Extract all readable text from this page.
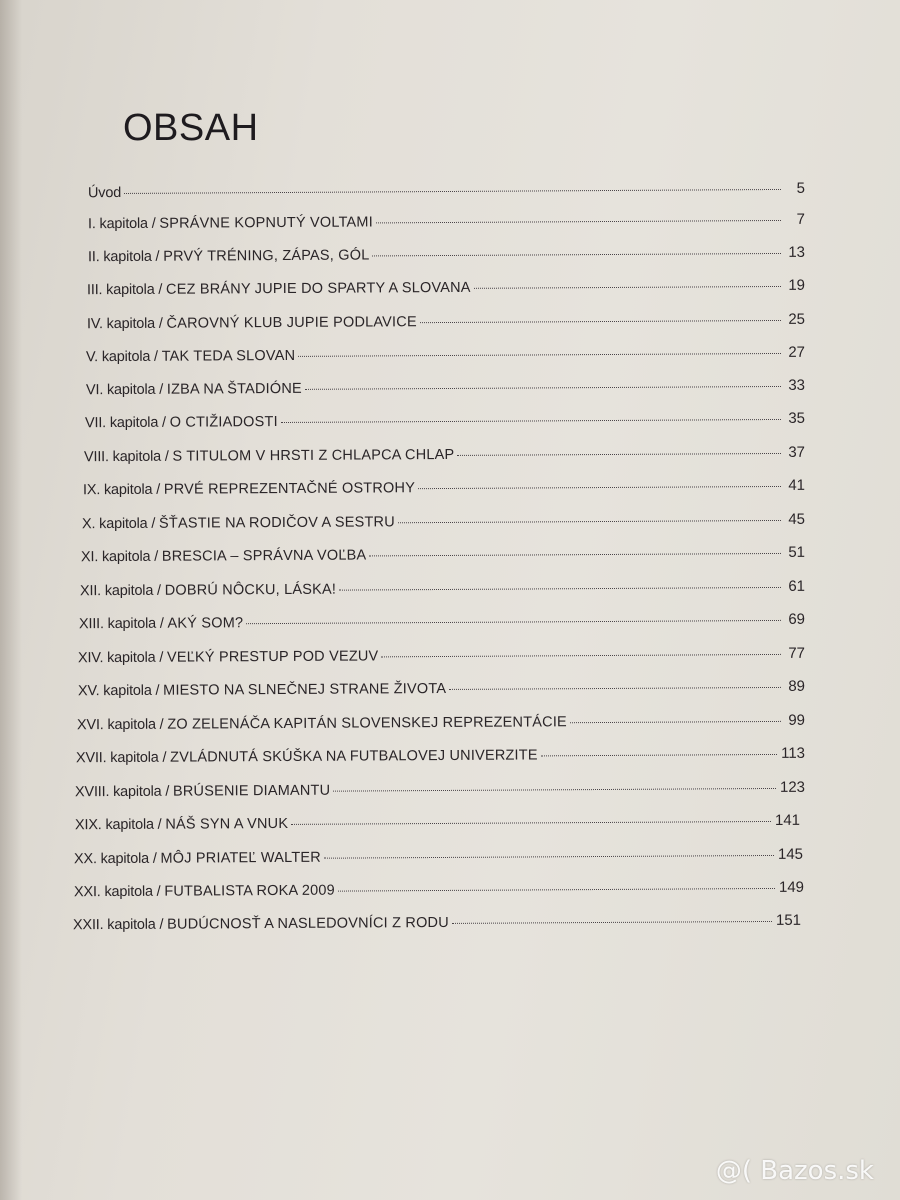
OBSAH
Úvod	5
I. kapitola / SPRÁVNE KOPNUTÝ VOLTAMI	7
II. kapitola / PRVÝ TRÉNING, ZÁPAS, GÓL	13
III. kapitola / CEZ BRÁNY JUPIE DO SPARTY A SLOVANA	19
IV. kapitola / ČAROVNÝ KLUB JUPIE PODLAVICE	25
V. kapitola / TAK TEDA SLOVAN	27
VI. kapitola / IZBA NA ŠTADIÓNE	33
VII. kapitola / O CTIŽIADOSTI	35
VIII. kapitola / S TITULOM V HRSTI Z CHLAPCA CHLAP	37
IX. kapitola / PRVÉ REPREZENTAČNÉ OSTROHY	41
X. kapitola / ŠŤASTIE NA RODIČOV A SESTRU	45
XI. kapitola / BRESCIA – SPRÁVNA VOĽBA	51
XII. kapitola / DOBRÚ NÔCKU, LÁSKA!	61
XIII. kapitola / AKÝ SOM?	69
XIV. kapitola / VEĽKÝ PRESTUP POD VEZUV	77
XV. kapitola / MIESTO NA SLNEČNEJ STRANE ŽIVOTA	89
XVI. kapitola / ZO ZELENÁČA KAPITÁN SLOVENSKEJ REPREZENTÁCIE	99
XVII. kapitola / ZVLÁDNUTÁ SKÚŠKA NA FUTBALOVEJ UNIVERZITE	113
XVIII. kapitola / BRÚSENIE DIAMANTU	123
XIX. kapitola / NÁŠ SYN A VNUK	141
XX. kapitola / MÔJ PRIATEĽ WALTER	145
XXI. kapitola / FUTBALISTA ROKA 2009	149
XXII. kapitola / BUDÚCNOSŤ A NASLEDOVNÍCI Z RODU	151
@( Bazos.sk
